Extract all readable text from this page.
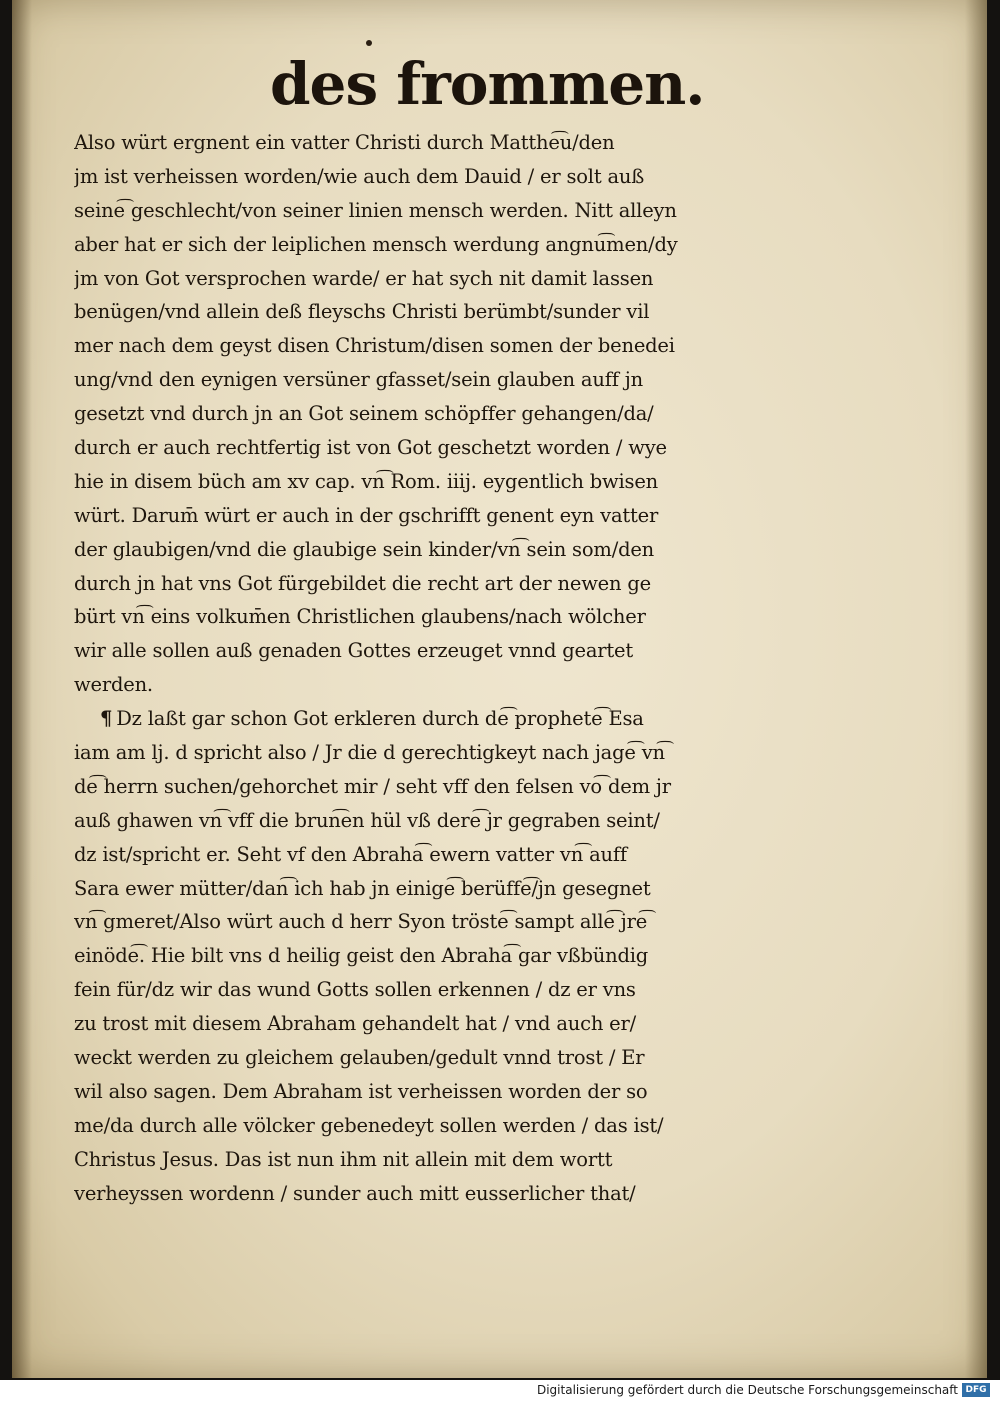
des frommen.
Also würt ergnent ein vatter Christi durch Matthe͡u/den
jm ist verheissen worden/wie auch dem Dauid / er solt auß
seine͡ geschlecht/von seiner linien mensch werden. Nitt alleyn
aber hat er sich der leiplichen mensch werdung angnu͡men/dy
jm von Got versprochen warde/ er hat sych nit damit lassen
benügen/vnd allein deß fleyschs Christi berümbt/sunder vil
mer nach dem geyst disen Christum/disen somen der benedei
ung/vnd den eynigen versüner gfasset/sein glauben auff jn
gesetzt vnd durch jn an Got seinem schöpffer gehangen/da/
durch er auch rechtfertig ist von Got geschetzt worden / wye
hie in disem büch am xv cap. vn͡ Rom. iiij. eygentlich bwisen
würt. Darum̄ würt er auch in der gschrifft genent eyn vatter
der glaubigen/vnd die glaubige sein kinder/vn͡ sein som/den
durch jn hat vns Got fürgebildet die recht art der newen ge
bürt vn͡ eins volkum̄en Christlichen glaubens/nach wölcher
wir alle sollen auß genaden Gottes erzeuget vnnd geartet
werden.
¶ Dz laßt gar schon Got erkleren durch de͡ prophete͡ Esa
iam am lj. d spricht also / Jr die d gerechtigkeyt nach jage͡ vn͡
de͡ herrn suchen/gehorchet mir / seht vff den felsen vo͡ dem jr
auß ghawen vn͡ vff die brun͡en hül vß dere͡ jr gegraben seint/
dz ist/spricht er. Seht vf den Abraha͡ ewern vatter vn͡ auff
Sara ewer mütter/dan͡ ich hab jn einige͡ berüffe͡/jn gesegnet
vn͡ gmeret/Also würt auch d herr Syon tröste͡ sampt alle͡ jre͡
einöde͡. Hie bilt vns d heilig geist den Abraha͡ gar vßbündig
fein für/dz wir das wund Gotts sollen erkennen / dz er vns
zu trost mit diesem Abraham gehandelt hat / vnd auch er/
weckt werden zu gleichem gelauben/gedult vnnd trost / Er
wil also sagen. Dem Abraham ist verheissen worden der so
me/da durch alle völcker gebenedeyt sollen werden / das ist/
Christus Jesus. Das ist nun ihm nit allein mit dem wortt
verheyssen wordenn / sunder auch mitt eusserlicher that/
Digitalisierung gefördert durch die Deutsche Forschungsgemeinschaft DFG
